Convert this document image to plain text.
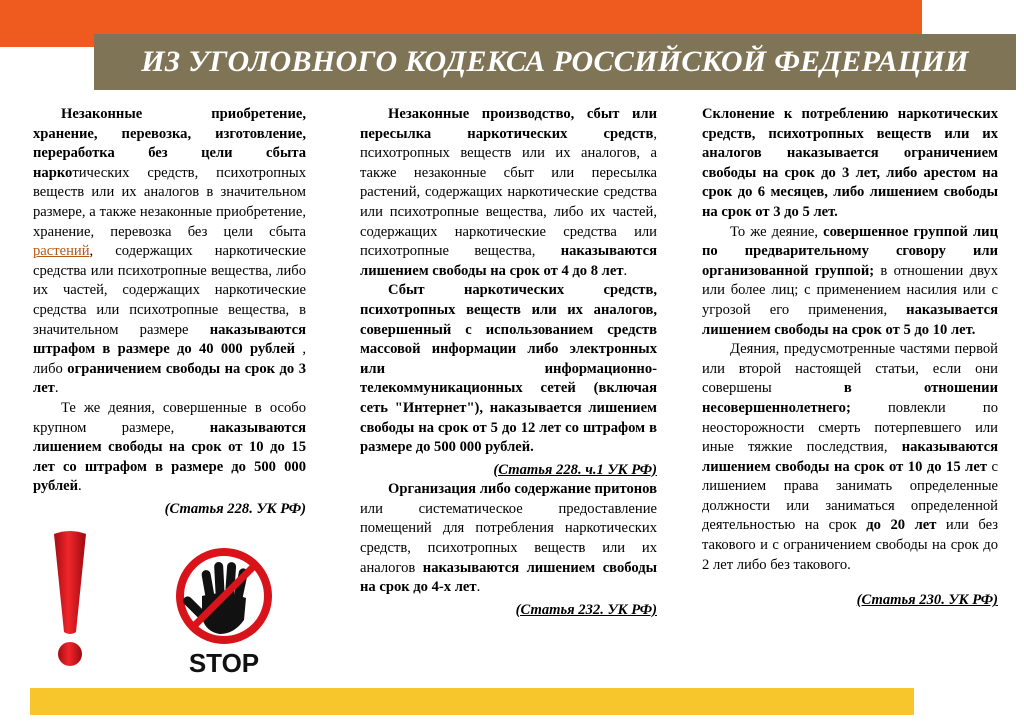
ИЗ УГОЛОВНОГО КОДЕКСА РОССИЙСКОЙ ФЕДЕРАЦИИ

Незаконные приобретение, хранение, перевозка, изготовление, переработка без цели сбыта наркотических средств, психотропных веществ или их аналогов в значительном размере, а также незаконные приобретение, хранение, перевозка без цели сбыта растений, содержащих наркотические средства или психотропные вещества, либо их частей, содержащих наркотические средства или психотропные вещества, в значительном размере наказываются штрафом в размере до 40 000 рублей , либо ограничением свободы на срок до 3 лет.

Те же деяния, совершенные в особо крупном размере, наказываются лишением свободы на срок от 10 до 15 лет со штрафом в размере до 500 000 рублей.

(Статья 228. УК РФ)

Незаконные производство, сбыт или пересылка наркотических средств, психотропных веществ или их аналогов, а также незаконные сбыт или пересылка растений, содержащих наркотические средства или психотропные вещества, либо их частей, содержащих наркотические средства или психотропные вещества, наказываются лишением свободы на срок от 4 до 8 лет.

Сбыт наркотических средств, психотропных веществ или их аналогов, совершенный с использованием средств массовой информации либо электронных или информационно-телекоммуникационных сетей (включая сеть "Интернет"), наказывается лишением свободы на срок от 5 до 12 лет со штрафом в размере до 500 000 рублей.

(Статья 228. ч.1 УК РФ)

Организация либо содержание притонов или систематическое предоставление помещений для потребления наркотических средств, психотропных веществ или их аналогов наказываются лишением свободы на срок до 4-х лет.

(Статья 232. УК РФ)

Склонение к потреблению наркотических средств, психотропных веществ или их аналогов наказывается ограничением свободы на срок до 3 лет, либо арестом на срок до 6 месяцев, либо лишением свободы на срок от 3 до 5 лет.

То же деяние, совершенное группой лиц по предварительному сговору или организованной группой; в отношении двух или более лиц; с применением насилия или с угрозой его применения, наказывается лишением свободы на срок от 5 до 10 лет.

Деяния, предусмотренные частями первой или второй настоящей статьи, если они совершены в отношении несовершеннолетнего; повлекли по неосторожности смерть потерпевшего или иные тяжкие последствия, наказываются лишением свободы на срок от 10 до 15 лет с лишением права занимать определенные должности или заниматься определенной деятельностью на срок до 20 лет или без такового и с ограничением свободы на срок до 2 лет либо без такового.

(Статья 230. УК РФ)

STOP
